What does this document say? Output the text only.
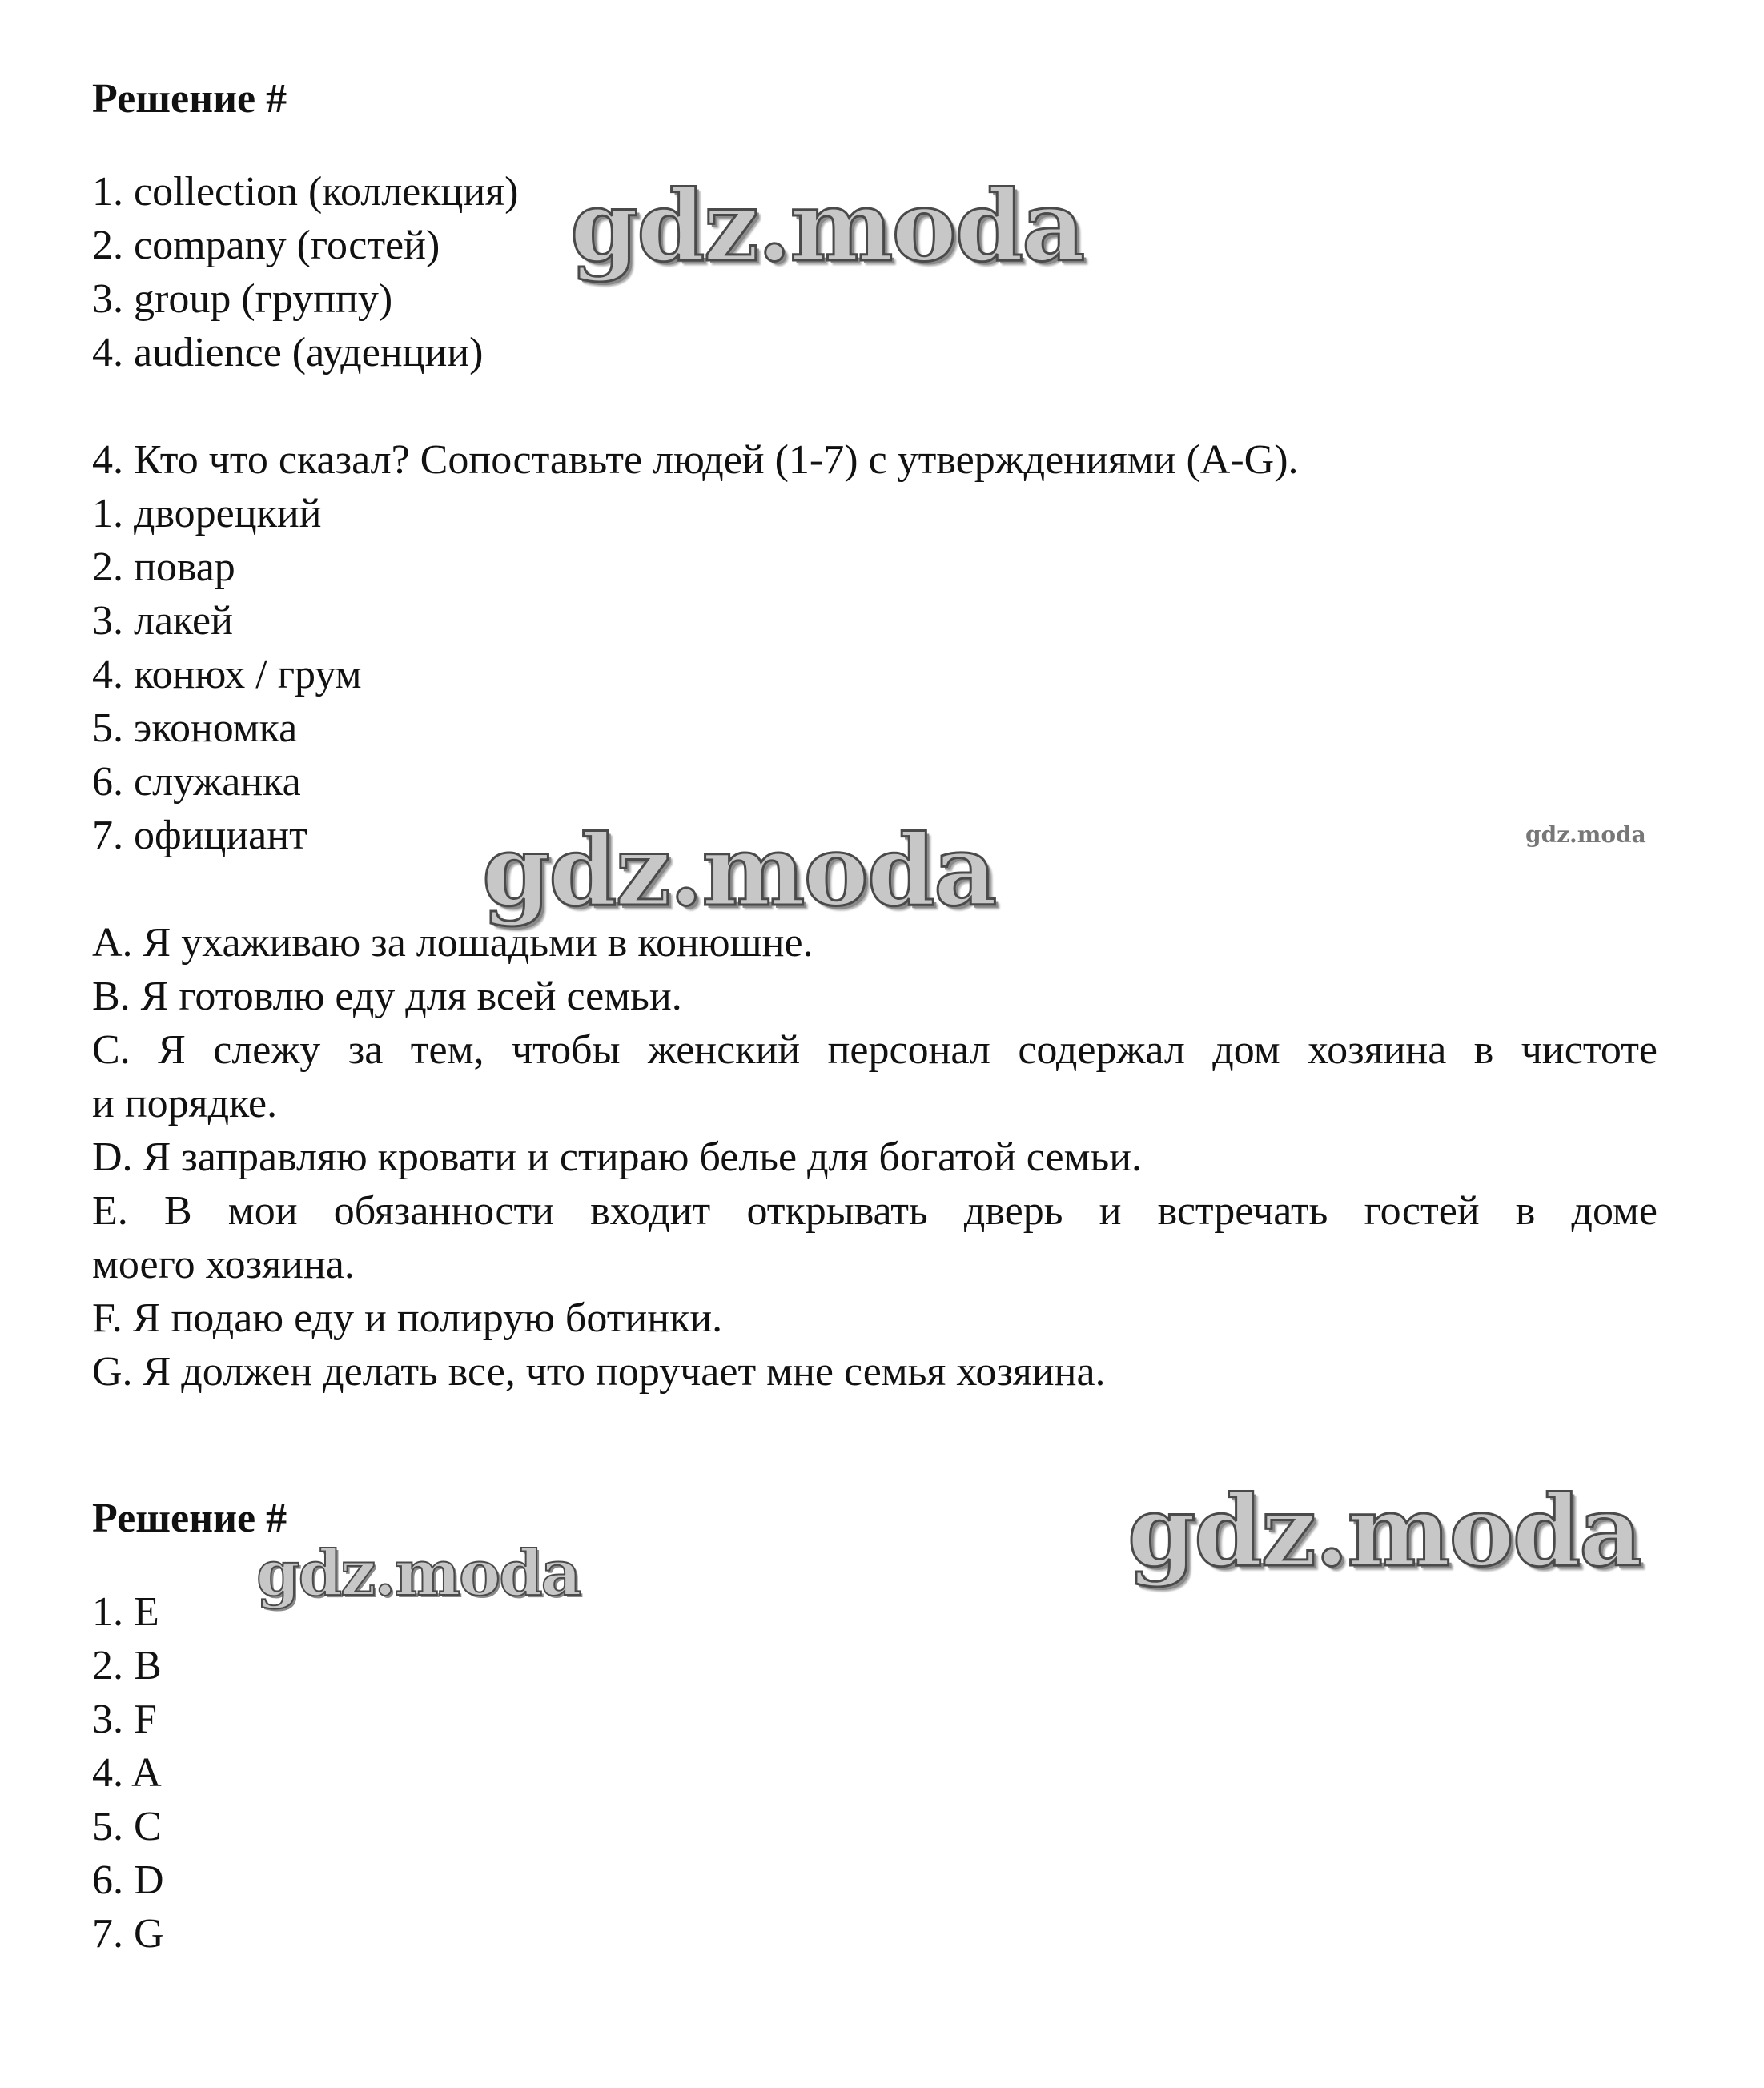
Решение #
1. collection (коллекция)
2. company (гостей)
3. group (группу)
4. audience (ауденции)
4. Кто что сказал? Сопоставьте людей (1-7) с утверждениями (A-G).
1. дворецкий
2. повар
3. лакей
4. конюх / грум
5. экономка
6. служанка
7. официант
A. Я ухаживаю за лошадьми в конюшне.
B. Я готовлю еду для всей семьи.
C. Я слежу за тем, чтобы женский персонал содержал дом хозяина в чистоте
и порядке.
D. Я заправляю кровати и стираю белье для богатой семьи.
E. В мои обязанности входит открывать дверь и встречать гостей в доме
моего хозяина.
F. Я подаю еду и полирую ботинки.
G. Я должен делать все, что поручает мне семья хозяина.
Решение #
1. E
2. B
3. F
4. A
5. C
6. D
7. G
gdz.moda
gdz.moda
gdz.moda
gdz.moda
gdz.moda
